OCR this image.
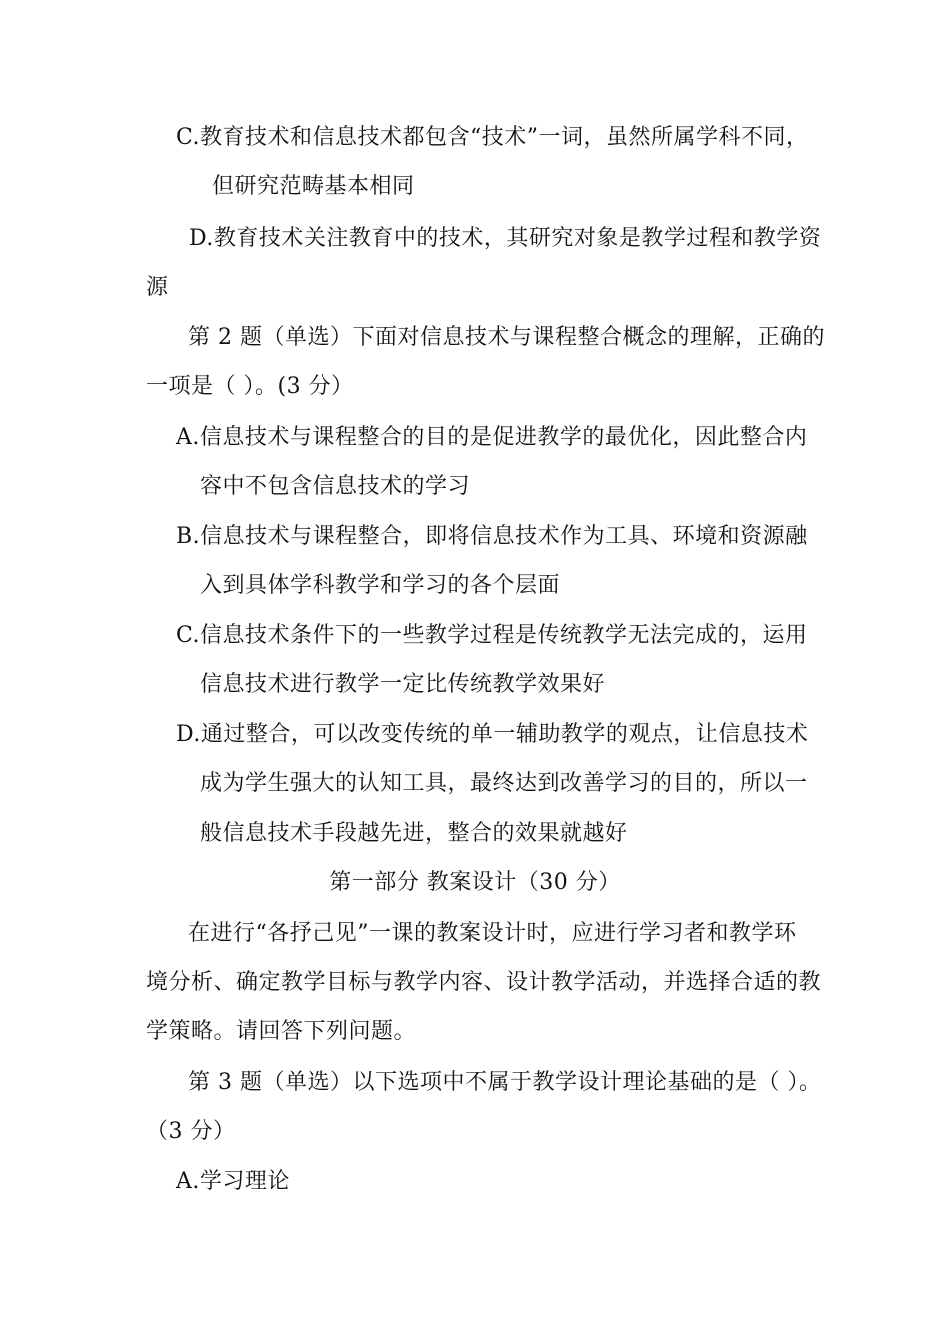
C.教育技术和信息技术都包含“技术”一词，虽然所属学科不同，
但研究范畴基本相同
D.教育技术关注教育中的技术，其研究对象是教学过程和教学资
源
第 2 题（单选）下面对信息技术与课程整合概念的理解，正确的
一项是（ ）。(3 分）
A.信息技术与课程整合的目的是促进教学的最优化，因此整合内
容中不包含信息技术的学习
B.信息技术与课程整合，即将信息技术作为工具、环境和资源融
入到具体学科教学和学习的各个层面
C.信息技术条件下的一些教学过程是传统教学无法完成的，运用
信息技术进行教学一定比传统教学效果好
D.通过整合，可以改变传统的单一辅助教学的观点，让信息技术
成为学生强大的认知工具，最终达到改善学习的目的，所以一
般信息技术手段越先进，整合的效果就越好
第一部分 教案设计（30 分）
在进行“各抒己见”一课的教案设计时，应进行学习者和教学环
境分析、确定教学目标与教学内容、设计教学活动，并选择合适的教
学策略。请回答下列问题。
第 3 题（单选）以下选项中不属于教学设计理论基础的是（ ）。
（3 分）
A.学习理论
